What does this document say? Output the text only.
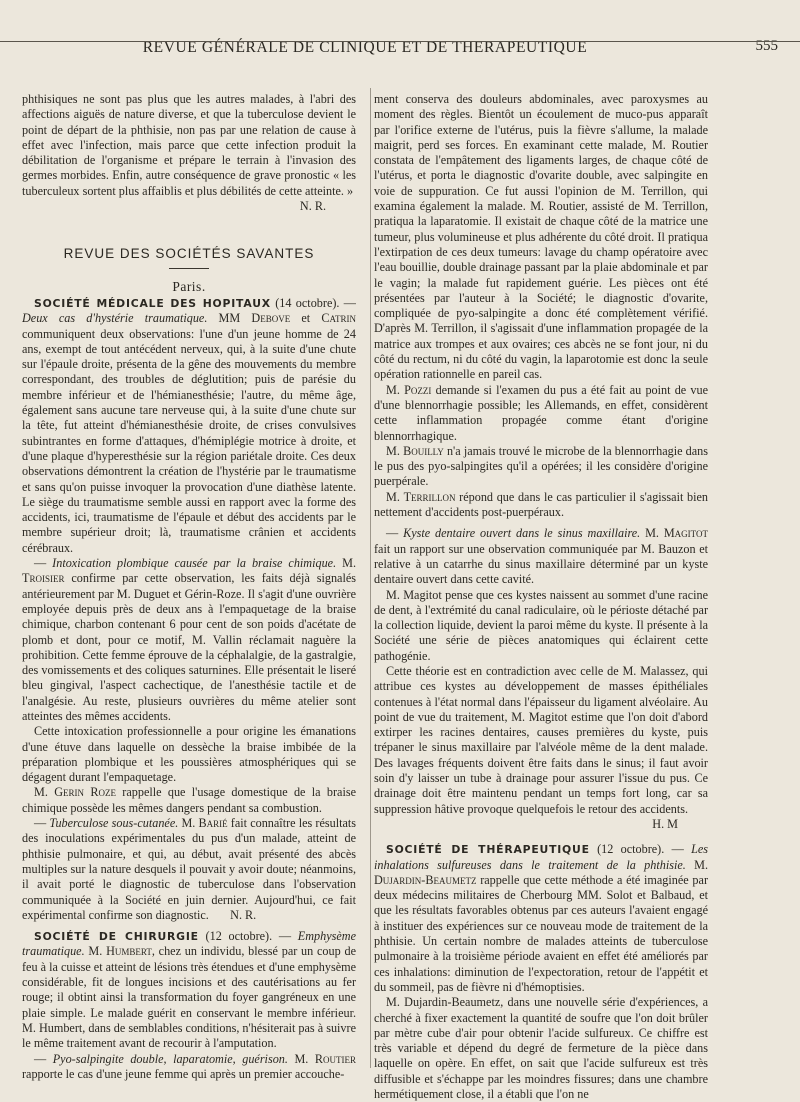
REVUE GÉNÉRALE DE CLINIQUE ET DE THERAPEUTIQUE	555

phthisiques ne sont pas plus que les autres malades, à l'abri des affections aiguës de nature diverse, et que la tuberculose devient le point de départ de la phthisie, non pas par une relation de cause à effet avec l'infection, mais parce que cette infection produit la débilitation de l'organisme et prépare le terrain à l'invasion des germes morbides. Enfin, autre conséquence de grave pronostic « les tuberculeux sortent plus affaiblis et plus débilités de cette atteinte. »

N. R.

REVUE DES SOCIÉTÉS SAVANTES
Paris.

SOCIÉTÉ MÉDICALE DES HOPITAUX (14 octobre). — Deux cas d'hystérie traumatique. MM Debove et Catrin communiquent deux observations: l'une d'un jeune homme de 24 ans, exempt de tout antécédent nerveux, qui, à la suite d'une chute sur l'épaule droite, présenta de la gêne des mouvements du membre correspondant, des troubles de déglutition; puis de parésie du membre inférieur et de l'hémianesthésie; l'autre, du même âge, également sans aucune tare nerveuse qui, à la suite d'une chute sur la tête, fut atteint d'hémianesthésie droite, de crises convulsives subintrantes en forme d'attaques, d'hémiplégie motrice à droite, et d'une plaque d'hyperesthésie sur la région pariétale droite. Ces deux observations démontrent la création de l'hystérie par le traumatisme et sans qu'on puisse invoquer la provocation d'une diathèse latente. Le siège du traumatisme semble aussi en rapport avec la forme des accidents, ici, traumatisme de l'épaule et début des accidents par le membre supérieur droit; là, traumatisme crânien et accidents cérébraux.

— Intoxication plombique causée par la braise chimique. M. Troisier confirme par cette observation, les faits déjà signalés antérieurement par M. Duguet et Gérin-Roze. Il s'agit d'une ouvrière employée depuis près de deux ans à l'empaquetage de la braise chimique, charbon contenant 6 pour cent de son poids d'acétate de plomb et dont, pour ce motif, M. Vallin réclamait naguère la prohibition. Cette femme éprouve de la céphalalgie, de la gastralgie, des vomissements et des coliques saturnines. Elle présentait le liseré bleu gingival, l'aspect cachectique, de l'anesthésie tactile et de l'analgésie. Au reste, plusieurs ouvrières du même atelier sont atteintes des mêmes accidents.

Cette intoxication professionnelle a pour origine les émanations d'une étuve dans laquelle on dessèche la braise imbibée de la préparation plombique et les poussières atmosphériques qui se dégagent durant l'empaquetage.

M. Gerin Roze rappelle que l'usage domestique de la braise chimique possède les mêmes dangers pendant sa combustion.

— Tuberculose sous-cutanée. M. Barié fait connaître les résultats des inoculations expérimentales du pus d'un malade, atteint de phthisie pulmonaire, et qui, au début, avait présenté des abcès multiples sur la nature desquels il pouvait y avoir doute; néanmoins, il avait porté le diagnostic de tuberculose dans l'observation communiquée à la Société en juin dernier. Aujourd'hui, ce fait expérimental confirme son diagnostic. N. R.

SOCIÉTÉ DE CHIRURGIE (12 octobre). — Emphysème traumatique. M. Humbert, chez un individu, blessé par un coup de feu à la cuisse et atteint de lésions très étendues et d'une emphysème considérable, fit de longues incisions et des cautérisations au fer rouge; il obtint ainsi la transformation du foyer gangréneux en une plaie simple. Le malade guérit en conservant le membre inférieur. M. Humbert, dans de semblables conditions, n'hésiterait pas à suivre le même traitement avant de recourir à l'amputation.

— Pyo-salpingite double, laparatomie, guérison. M. Routier rapporte le cas d'une jeune femme qui après un premier accouche-

ment conserva des douleurs abdominales, avec paroxysmes au moment des règles. Bientôt un écoulement de muco-pus apparaît par l'orifice externe de l'utérus, puis la fièvre s'allume, la malade maigrit, perd ses forces. En examinant cette malade, M. Routier constata de l'empâtement des ligaments larges, de chaque côté de l'utérus, et porta le diagnostic d'ovarite double, avec salpingite en voie de suppuration. Ce fut aussi l'opinion de M. Terrillon, qui examina également la malade. M. Routier, assisté de M. Terrillon, pratiqua la laparatomie. Il existait de chaque côté de la matrice une tumeur, plus volumineuse et plus adhérente du côté droit. Il pratiqua l'extirpation de ces deux tumeurs: lavage du champ opératoire avec l'eau bouillie, double drainage passant par la plaie abdominale et par le vagin; la malade fut rapidement guérie. Les pièces ont été présentées par l'auteur à la Société; le diagnostic d'ovarite, compliquée de pyo-salpingite a donc été complètement vérifié. D'après M. Terrillon, il s'agissait d'une inflammation propagée de la matrice aux trompes et aux ovaires; ces abcès ne se font jour, ni du côté du rectum, ni du côté du vagin, la laparotomie est donc la seule opération rationnelle en pareil cas.

M. Pozzi demande si l'examen du pus a été fait au point de vue d'une blennorrhagie possible; les Allemands, en effet, considèrent cette inflammation propagée comme étant d'origine blennorrhagique.

M. Bouilly n'a jamais trouvé le microbe de la blennorrhagie dans le pus des pyo-salpingites qu'il a opérées; il les considère d'origine puerpérale.

M. Terrillon répond que dans le cas particulier il s'agissait bien nettement d'accidents post-puerpéraux.

— Kyste dentaire ouvert dans le sinus maxillaire. M. Magitot fait un rapport sur une observation communiquée par M. Bauzon et relative à un catarrhe du sinus maxillaire déterminé par un kyste dentaire ouvert dans cette cavité.

M. Magitot pense que ces kystes naissent au sommet d'une racine de dent, à l'extrémité du canal radiculaire, où le périoste détaché par la collection liquide, devient la paroi même du kyste. Il présente à la Société une série de pièces anatomiques qui éclairent cette pathogénie.

Cette théorie est en contradiction avec celle de M. Malassez, qui attribue ces kystes au développement de masses épithéliales contenues à l'état normal dans l'épaisseur du ligament alvéolaire. Au point de vue du traitement, M. Magitot estime que l'on doit d'abord extirper les racines dentaires, causes premières du kyste, puis trépaner le sinus maxillaire par l'alvéole même de la dent malade. Des lavages fréquents doivent être faits dans le sinus; il faut avoir soin d'y laisser un tube à drainage pour assurer l'issue du pus. Ce drainage doit être maintenu pendant un temps fort long, car sa suppression hâtive provoque quelquefois le retour des accidents.

H. M

SOCIÉTÉ DE THÉRAPEUTIQUE (12 octobre). — Les inhalations sulfureuses dans le traitement de la phthisie. M. Dujardin-Beaumetz rappelle que cette méthode a été imaginée par deux médecins militaires de Cherbourg MM. Solot et Balbaud, et que les résultats favorables obtenus par ces auteurs l'avaient engagé à instituer des expériences sur ce nouveau mode de traitement de la phthisie. Un certain nombre de malades atteints de tuberculose pulmonaire à la troisième période avaient en effet été améliorés par ces inhalations: diminution de l'expectoration, retour de l'appétit et du sommeil, pas de fièvre ni d'hémoptisies.

M. Dujardin-Beaumetz, dans une nouvelle série d'expériences, a cherché à fixer exactement la quantité de soufre que l'on doit brûler par mètre cube d'air pour obtenir l'acide sulfureux. Ce chiffre est très variable et dépend du degré de fermeture de la pièce dans laquelle on opère. En effet, on sait que l'acide sulfureux est très diffusible et s'échappe par les moindres fissures; dans une chambre hermétiquement close, il a établi que l'on ne
